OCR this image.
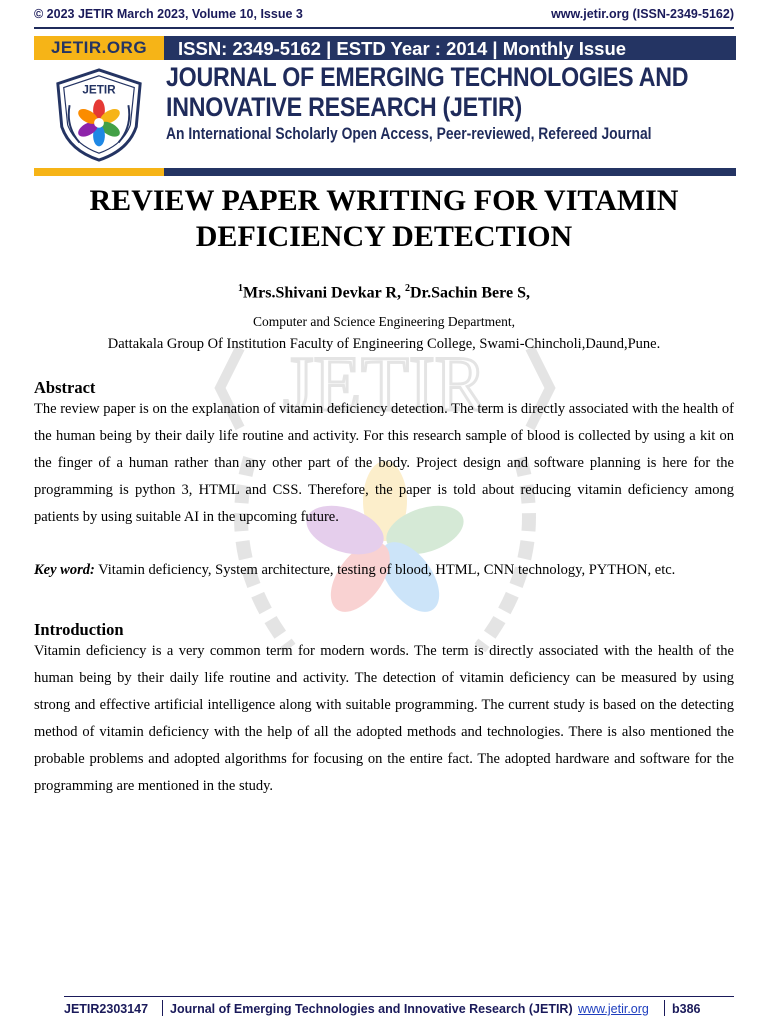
© 2023 JETIR March 2023, Volume 10, Issue 3	www.jetir.org (ISSN-2349-5162)
JETIR.ORG	ISSN: 2349-5162 | ESTD Year : 2014 | Monthly Issue
JETIR JOURNAL OF EMERGING TECHNOLOGIES AND
INNOVATIVE RESEARCH (JETIR)
An International Scholarly Open Access, Peer-reviewed, Refereed Journal
JETIR
REVIEW PAPER WRITING FOR VITAMIN
DEFICIENCY DETECTION
$^1$Mrs.Shivani Devkar R, $^2$Dr.Sachin Bere S,
Computer and Science Engineering Department,
Dattakala Group Of Institution Faculty of Engineering College, Swami-Chincholi,Daund,Pune.
Abstract
The review paper is on the explanation of vitamin deficiency detection. The term is directly associated with the health of the human being by their daily life routine and activity. For this research sample of blood is collected by using a kit on the finger of a human rather than any other part of the body. Project design and software planning is here for the programming is python 3, HTML and CSS. Therefore, the paper is told about reducing vitamin deficiency among patients by using suitable AI in the upcoming future.
Key word: Vitamin deficiency, System architecture, testing of blood, HTML, CNN technology, PYTHON, etc.
Introduction
Vitamin deficiency is a very common term for modern words. The term is directly associated with the health of the human being by their daily life routine and activity. The detection of vitamin deficiency can be measured by using strong and effective artificial intelligence along with suitable programming. The current study is based on the detecting method of vitamin deficiency with the help of all the adopted methods and technologies. There is also mentioned the probable problems and adopted algorithms for focusing on the entire fact. The adopted hardware and software for the programming are mentioned in the study.
JETIR2303147 Journal of Emerging Technologies and Innovative Research (JETIR) www.jetir.org b386
